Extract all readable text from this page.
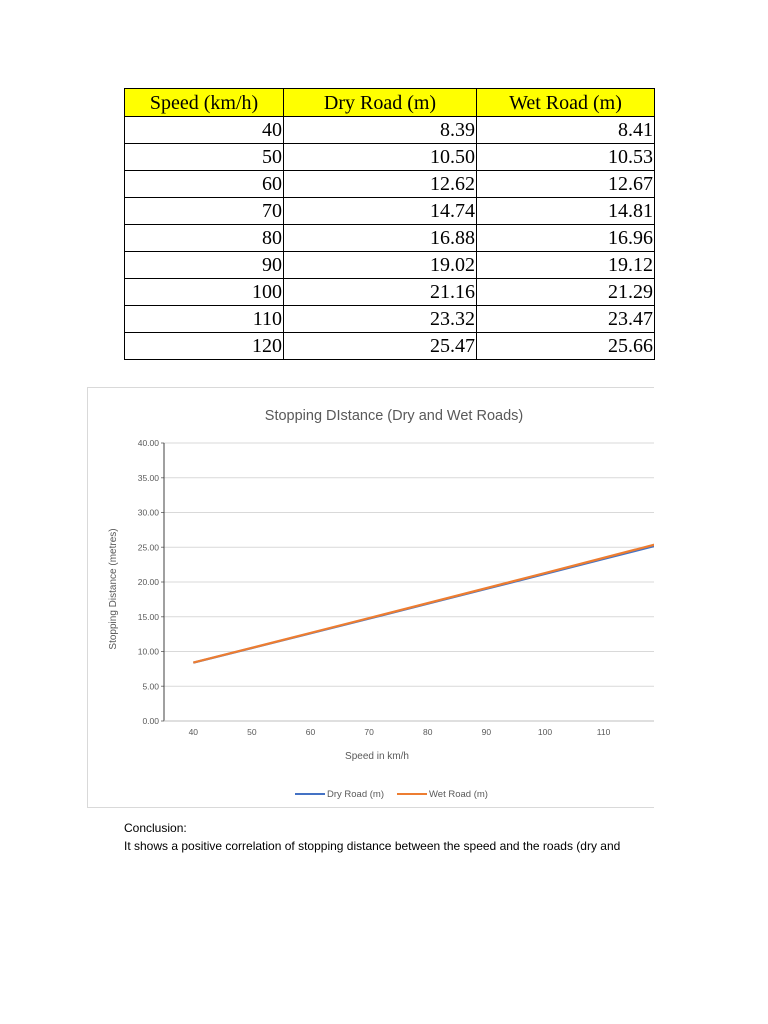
Speed (km/h)	Dry Road (m)	Wet Road (m)
40	8.39	8.41
50	10.50	10.53
60	12.62	12.67
70	14.74	14.81
80	16.88	16.96
90	19.02	19.12
100	21.16	21.29
110	23.32	23.47
120	25.47	25.66
Stopping DIstance (Dry and Wet Roads)
0.00
5.00
10.00
15.00
20.00
25.00
30.00
35.00
40.00
40	50	60	70	80	90	100	110
Speed in km/h
Stopping Distance (metres)
Dry Road (m)	Wet Road (m)
Conclusion:
It shows a positive correlation of stopping distance between the speed and the roads (dry and
